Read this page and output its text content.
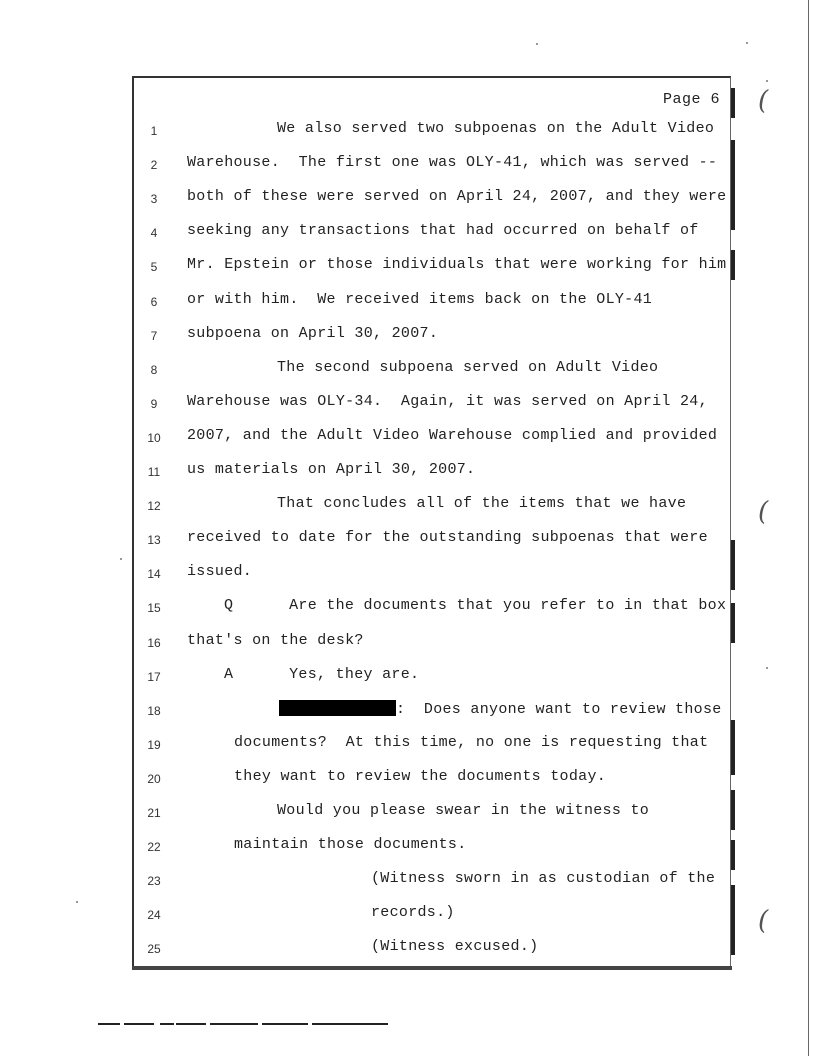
(
(
(
Page 6
1	We also served two subpoenas on the Adult Video
2	Warehouse.  The first one was OLY-41, which was served --
3	both of these were served on April 24, 2007, and they were
4	seeking any transactions that had occurred on behalf of
5	Mr. Epstein or those individuals that were working for him
6	or with him.  We received items back on the OLY-41
7	subpoena on April 30, 2007.
8	The second subpoena served on Adult Video
9	Warehouse was OLY-34.  Again, it was served on April 24,
10	2007, and the Adult Video Warehouse complied and provided
11	us materials on April 30, 2007.
12	That concludes all of the items that we have
13	received to date for the outstanding subpoenas that were
14	issued.
15	Q      Are the documents that you refer to in that box
16	that's on the desk?
17	A      Yes, they are.
18	:  Does anyone want to review those
19	documents?  At this time, no one is requesting that
20	they want to review the documents today.
21	Would you please swear in the witness to
22	maintain those documents.
23	(Witness sworn in as custodian of the
24	records.)
25	(Witness excused.)
